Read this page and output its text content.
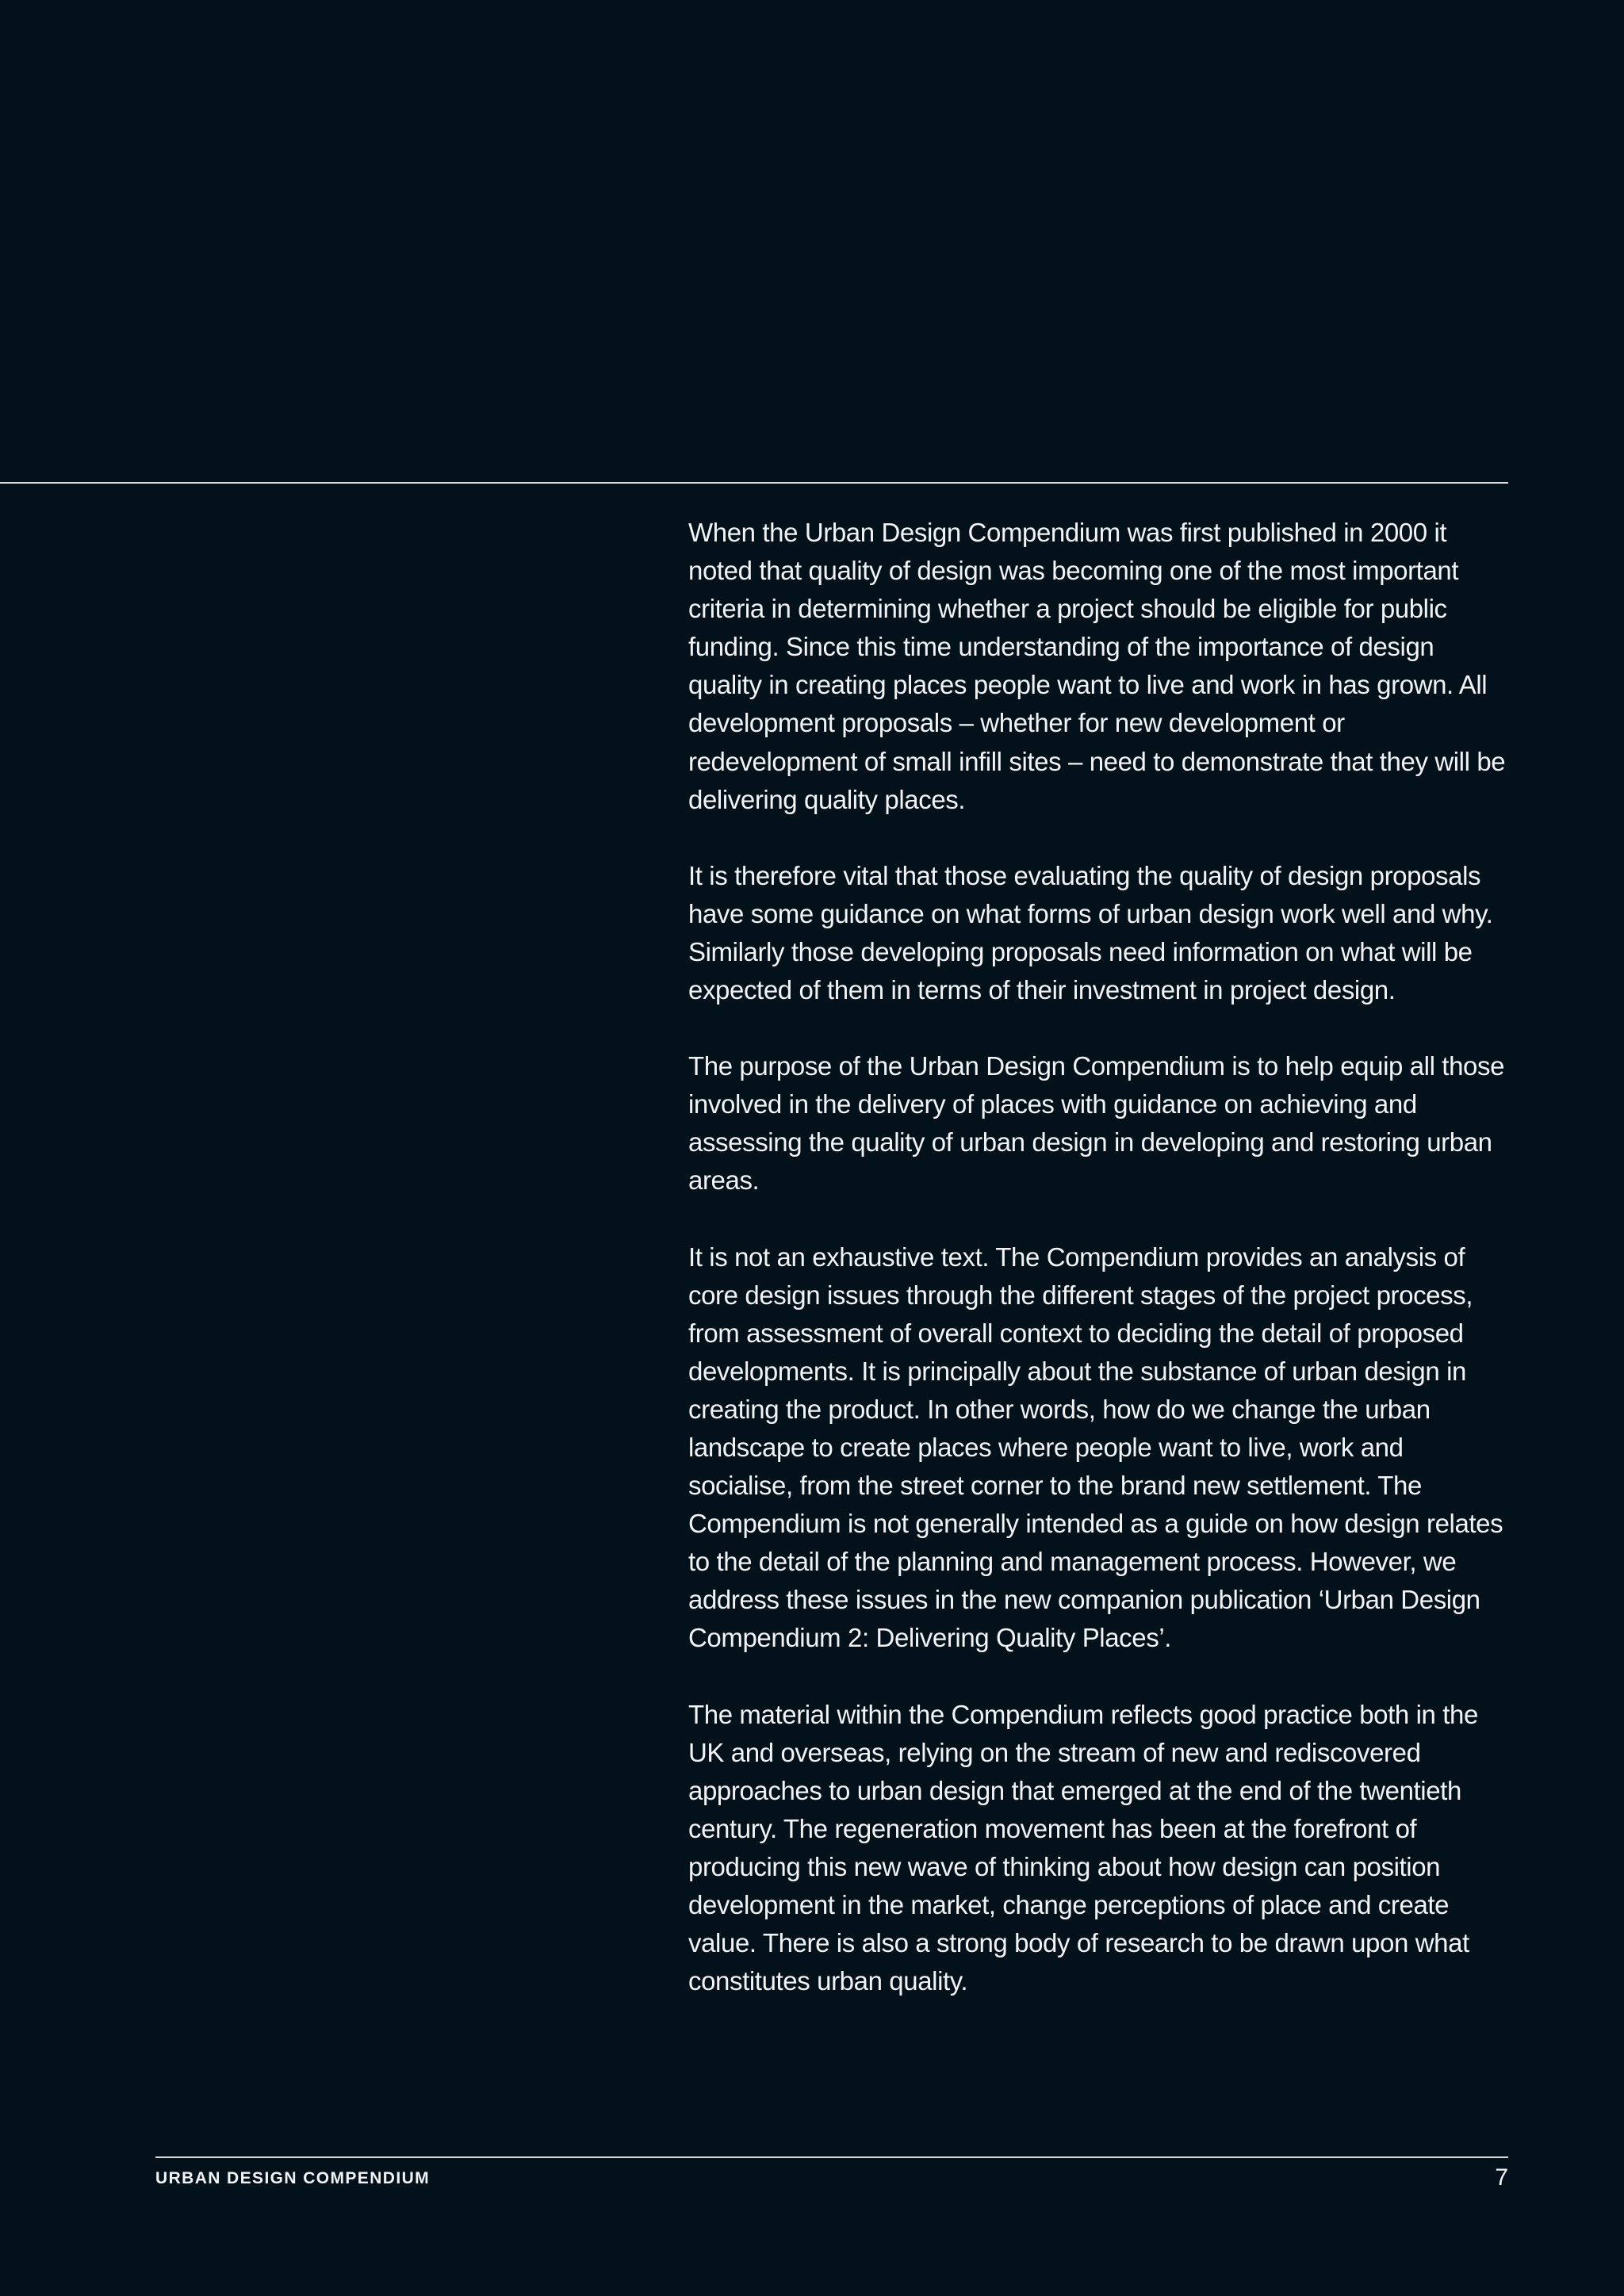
When the Urban Design Compendium was first published in 2000 it noted that quality of design was becoming one of the most important criteria in determining whether a project should be eligible for public funding. Since this time understanding of the importance of design quality in creating places people want to live and work in has grown. All development proposals – whether for new development or redevelopment of small infill sites – need to demonstrate that they will be delivering quality places.

It is therefore vital that those evaluating the quality of design proposals have some guidance on what forms of urban design work well and why. Similarly those developing proposals need information on what will be expected of them in terms of their investment in project design.

The purpose of the Urban Design Compendium is to help equip all those involved in the delivery of places with guidance on achieving and assessing the quality of urban design in developing and restoring urban areas.

It is not an exhaustive text. The Compendium provides an analysis of core design issues through the different stages of the project process, from assessment of overall context to deciding the detail of proposed developments. It is principally about the substance of urban design in creating the product. In other words, how do we change the urban landscape to create places where people want to live, work and socialise, from the street corner to the brand new settlement. The Compendium is not generally intended as a guide on how design relates to the detail of the planning and management process. However, we address these issues in the new companion publication ‘Urban Design Compendium 2: Delivering Quality Places’.

The material within the Compendium reflects good practice both in the UK and overseas, relying on the stream of new and rediscovered approaches to urban design that emerged at the end of the twentieth century. The regeneration movement has been at the forefront of producing this new wave of thinking about how design can position development in the market, change perceptions of place and create value. There is also a strong body of research to be drawn upon what constitutes urban quality.

URBAN DESIGN COMPENDIUM	7
